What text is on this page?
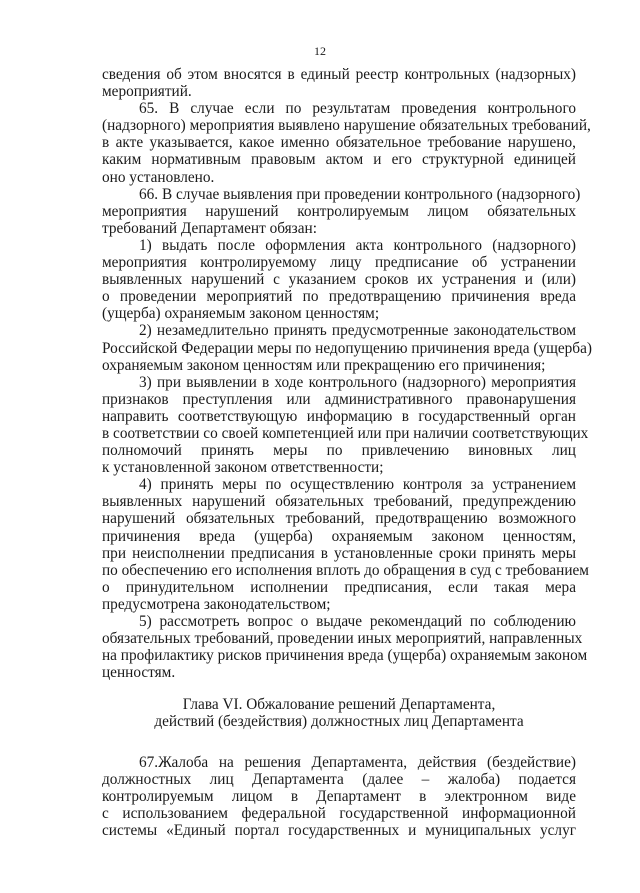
12
сведения об этом вносятся в единый реестр контрольных (надзорных)
мероприятий.
65. В случае если по результатам проведения контрольного
(надзорного) мероприятия выявлено нарушение обязательных требований,
в акте указывается, какое именно обязательное требование нарушено,
каким нормативным правовым актом и его структурной единицей
оно установлено.
66. В случае выявления при проведении контрольного (надзорного)
мероприятия нарушений контролируемым лицом обязательных
требований Департамент обязан:
1) выдать после оформления акта контрольного (надзорного)
мероприятия контролируемому лицу предписание об устранении
выявленных нарушений с указанием сроков их устранения и (или)
о проведении мероприятий по предотвращению причинения вреда
(ущерба) охраняемым законом ценностям;
2) незамедлительно принять предусмотренные законодательством
Российской Федерации меры по недопущению причинения вреда (ущерба)
охраняемым законом ценностям или прекращению его причинения;
3) при выявлении в ходе контрольного (надзорного) мероприятия
признаков преступления или административного правонарушения
направить соответствующую информацию в государственный орган
в соответствии со своей компетенцией или при наличии соответствующих
полномочий принять меры по привлечению виновных лиц
к установленной законом ответственности;
4) принять меры по осуществлению контроля за устранением
выявленных нарушений обязательных требований, предупреждению
нарушений обязательных требований, предотвращению возможного
причинения вреда (ущерба) охраняемым законом ценностям,
при неисполнении предписания в установленные сроки принять меры
по обеспечению его исполнения вплоть до обращения в суд с требованием
о принудительном исполнении предписания, если такая мера
предусмотрена законодательством;
5) рассмотреть вопрос о выдаче рекомендаций по соблюдению
обязательных требований, проведении иных мероприятий, направленных
на профилактику рисков причинения вреда (ущерба) охраняемым законом
ценностям.
Глава VI. Обжалование решений Департамента,
действий (бездействия) должностных лиц Департамента
67.Жалоба на решения Департамента, действия (бездействие)
должностных лиц Департамента (далее – жалоба) подается
контролируемым лицом в Департамент в электронном виде
с использованием федеральной государственной информационной
системы «Единый портал государственных и муниципальных услуг
